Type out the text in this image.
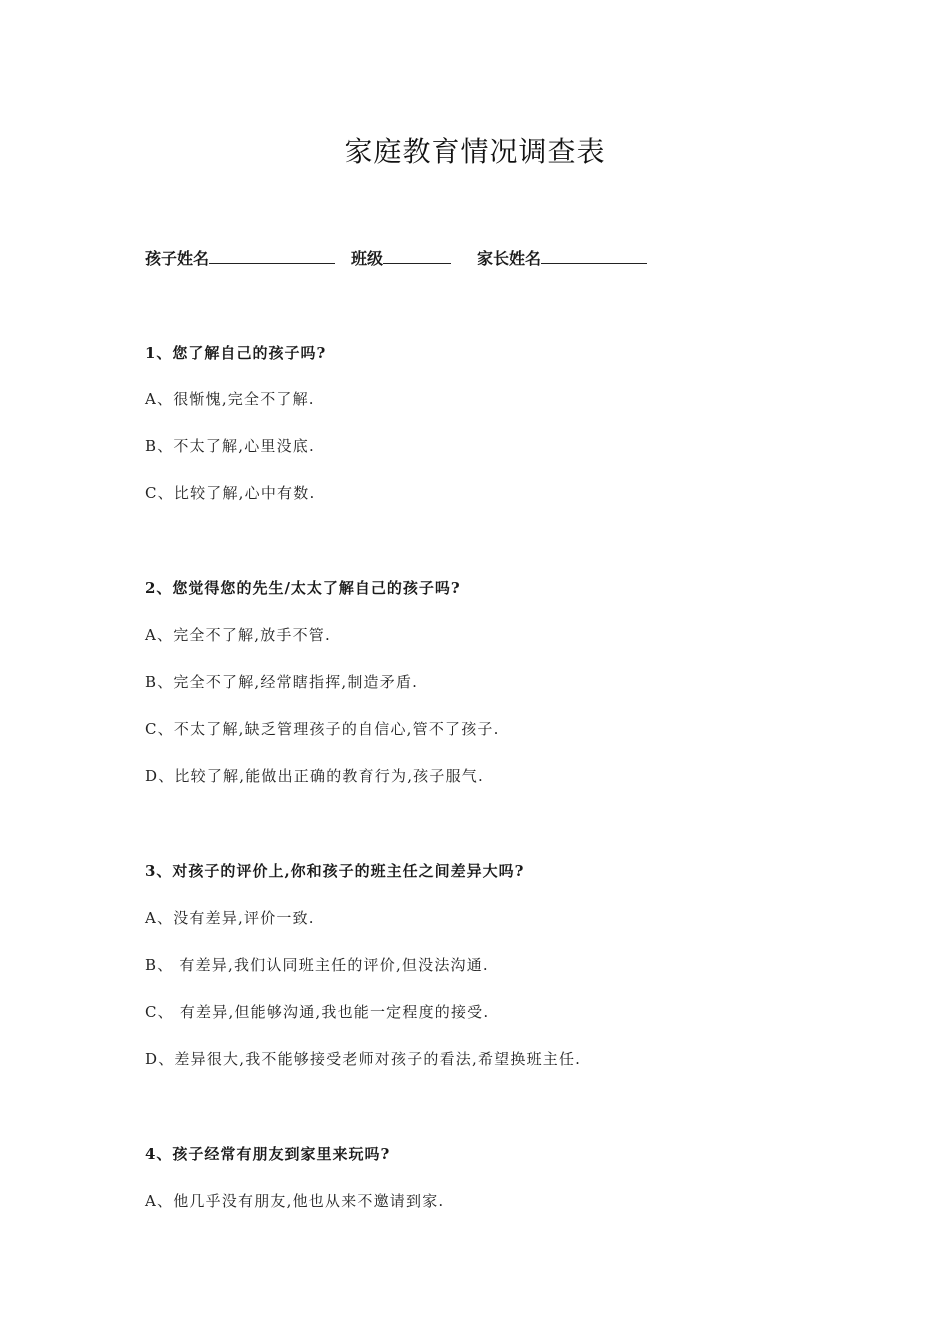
家庭教育情况调查表
孩子姓名	班级	家长姓名
1、您了解自己的孩子吗?
A、很惭愧,完全不了解.
B、不太了解,心里没底.
C、比较了解,心中有数.
2、您觉得您的先生/太太了解自己的孩子吗?
A、完全不了解,放手不管.
B、完全不了解,经常瞎指挥,制造矛盾.
C、不太了解,缺乏管理孩子的自信心,管不了孩子.
D、比较了解,能做出正确的教育行为,孩子服气.
3、对孩子的评价上,你和孩子的班主任之间差异大吗?
A、没有差异,评价一致.
B、 有差异,我们认同班主任的评价,但没法沟通.
C、 有差异,但能够沟通,我也能一定程度的接受.
D、差异很大,我不能够接受老师对孩子的看法,希望换班主任.
4、孩子经常有朋友到家里来玩吗?
A、他几乎没有朋友,他也从来不邀请到家.
